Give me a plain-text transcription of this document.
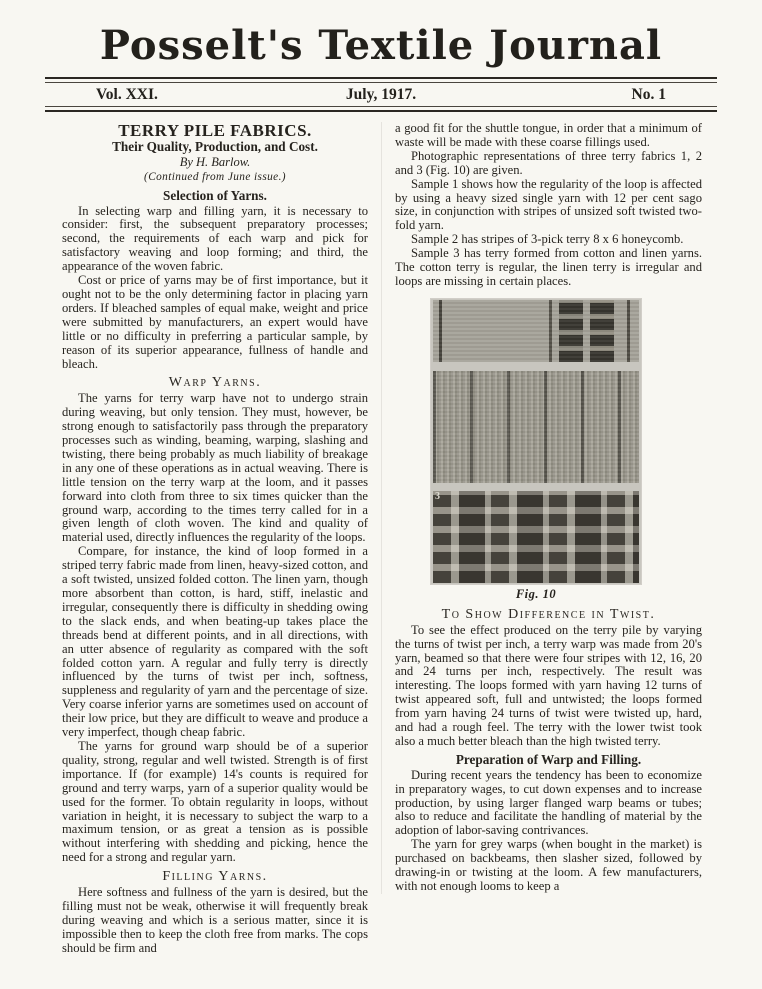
Posselt's Textile Journal
Vol. XXI.	July, 1917.	No. 1
TERRY PILE FABRICS.
Their Quality, Production, and Cost.
By H. Barlow.
(Continued from June issue.)
Selection of Yarns.

In selecting warp and filling yarn, it is necessary to consider: first, the subsequent preparatory processes; second, the requirements of each warp and pick for satisfactory weaving and loop forming; and third, the appearance of the woven fabric.

Cost or price of yarns may be of first importance, but it ought not to be the only determining factor in placing yarn orders. If bleached samples of equal make, weight and price were submitted by manufacturers, an expert would have little or no difficulty in preferring a particular sample, by reason of its superior appearance, fullness of handle and bleach.

Warp Yarns.

The yarns for terry warp have not to undergo strain during weaving, but only tension. They must, however, be strong enough to satisfactorily pass through the preparatory processes such as winding, beaming, warping, slashing and twisting, there being probably as much liability of breakage in any one of these operations as in actual weaving. There is little tension on the terry warp at the loom, and it passes forward into cloth from three to six times quicker than the ground warp, according to the times terry called for in a given length of cloth woven. The kind and quality of material used, directly influences the regularity of the loops.

Compare, for instance, the kind of loop formed in a striped terry fabric made from linen, heavy-sized cotton, and a soft twisted, unsized folded cotton. The linen yarn, though more absorbent than cotton, is hard, stiff, inelastic and irregular, consequently there is difficulty in shedding owing to the slack ends, and when beating-up takes place the threads bend at different points, and in all directions, with an utter absence of regularity as compared with the soft folded cotton yarn. A regular and fully terry is directly influenced by the turns of twist per inch, softness, suppleness and regularity of yarn and the percentage of size. Very coarse inferior yarns are sometimes used on account of their low price, but they are difficult to weave and produce a very imperfect, though cheap fabric.

The yarns for ground warp should be of a superior quality, strong, regular and well twisted. Strength is of first importance. If (for example) 14's counts is required for ground and terry warps, yarn of a superior quality would be used for the former. To obtain regularity in loops, without variation in height, it is necessary to subject the warp to a maximum tension, or as great a tension as is possible without interfering with shedding and picking, hence the need for a strong and regular yarn.

Filling Yarns.

Here softness and fullness of the yarn is desired, but the filling must not be weak, otherwise it will frequently break during weaving and which is a serious matter, since it is impossible then to keep the cloth free from marks. The cops should be firm and

a good fit for the shuttle tongue, in order that a minimum of waste will be made with these coarse fillings used.

Photographic representations of three terry fabrics 1, 2 and 3 (Fig. 10) are given.

Sample 1 shows how the regularity of the loop is affected by using a heavy sized single yarn with 12 per cent sago size, in conjunction with stripes of unsized soft twisted two-fold yarn.

Sample 2 has stripes of 3-pick terry 8 x 6 honeycomb.

Sample 3 has terry formed from cotton and linen yarns. The cotton terry is regular, the linen terry is irregular and loops are missing in certain places.

3
Fig. 10
To Show Difference in Twist.

To see the effect produced on the terry pile by varying the turns of twist per inch, a terry warp was made from 20's yarn, beamed so that there were four stripes with 12, 16, 20 and 24 turns per inch, respectively. The result was interesting. The loops formed with yarn having 12 turns of twist appeared soft, full and untwisted; the loops formed from yarn having 24 turns of twist were twisted up, hard, and had a rough feel. The terry with the lower twist took also a much better bleach than the high twisted terry.

Preparation of Warp and Filling.

During recent years the tendency has been to economize in preparatory wages, to cut down expenses and to increase production, by using larger flanged warp beams or tubes; also to reduce and facilitate the handling of material by the adoption of labor-saving contrivances.

The yarn for grey warps (when bought in the market) is purchased on backbeams, then slasher sized, followed by drawing-in or twisting at the loom. A few manufacturers, with not enough looms to keep a
